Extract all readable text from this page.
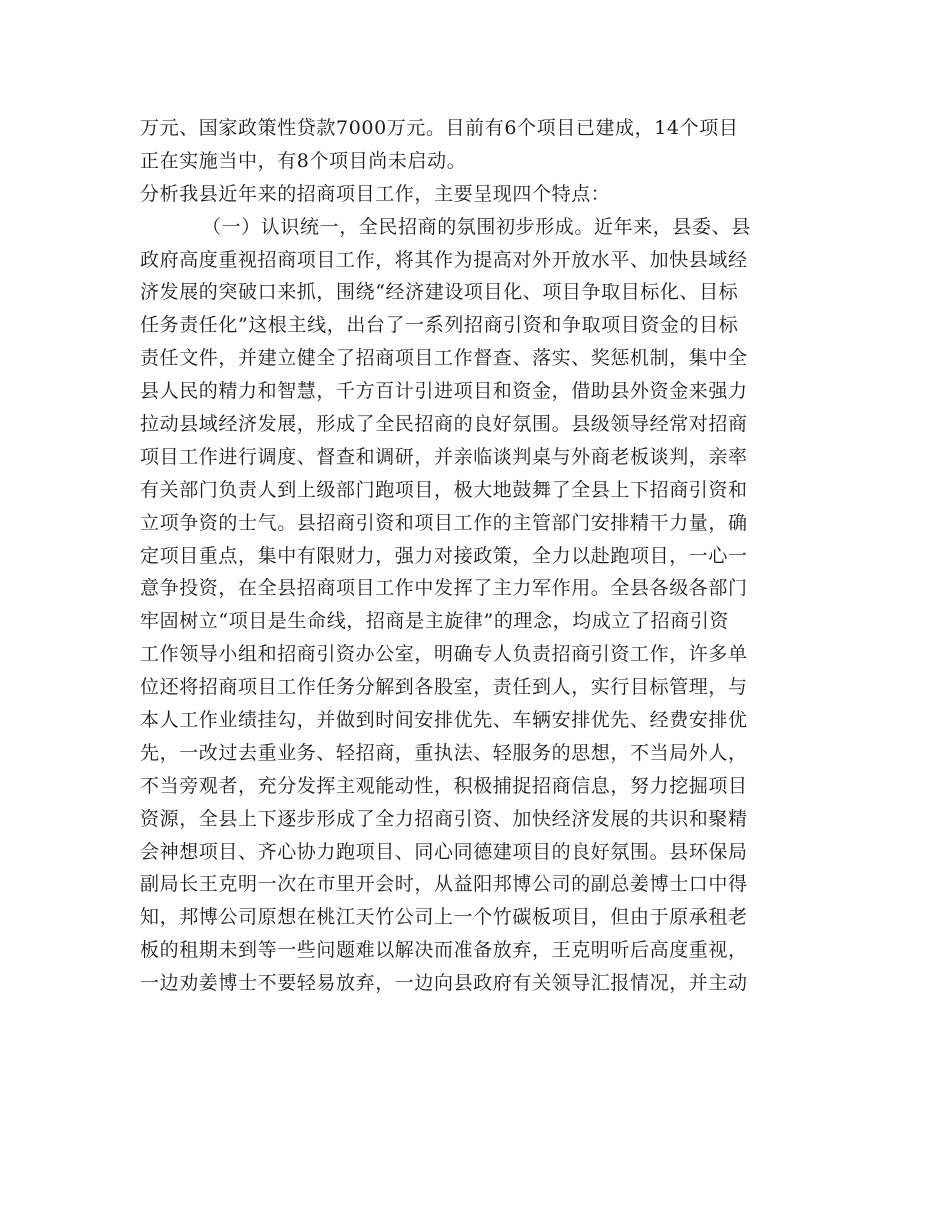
万元、国家政策性贷款7000万元。目前有6个项目已建成，14个项目
正在实施当中，有8个项目尚未启动。
分析我县近年来的招商项目工作，主要呈现四个特点：
（一）认识统一，全民招商的氛围初步形成。近年来，县委、县
政府高度重视招商项目工作，将其作为提高对外开放水平、加快县域经
济发展的突破口来抓，围绕“经济建设项目化、项目争取目标化、目标
任务责任化”这根主线，出台了一系列招商引资和争取项目资金的目标
责任文件，并建立健全了招商项目工作督查、落实、奖惩机制，集中全
县人民的精力和智慧，千方百计引进项目和资金，借助县外资金来强力
拉动县域经济发展，形成了全民招商的良好氛围。县级领导经常对招商
项目工作进行调度、督查和调研，并亲临谈判桌与外商老板谈判，亲率
有关部门负责人到上级部门跑项目，极大地鼓舞了全县上下招商引资和
立项争资的士气。县招商引资和项目工作的主管部门安排精干力量，确
定项目重点，集中有限财力，强力对接政策，全力以赴跑项目，一心一
意争投资，在全县招商项目工作中发挥了主力军作用。全县各级各部门
牢固树立“项目是生命线，招商是主旋律”的理念，均成立了招商引资
工作领导小组和招商引资办公室，明确专人负责招商引资工作，许多单
位还将招商项目工作任务分解到各股室，责任到人，实行目标管理，与
本人工作业绩挂勾，并做到时间安排优先、车辆安排优先、经费安排优
先，一改过去重业务、轻招商，重执法、轻服务的思想，不当局外人，
不当旁观者，充分发挥主观能动性，积极捕捉招商信息，努力挖掘项目
资源，全县上下逐步形成了全力招商引资、加快经济发展的共识和聚精
会神想项目、齐心协力跑项目、同心同德建项目的良好氛围。县环保局
副局长王克明一次在市里开会时，从益阳邦博公司的副总姜博士口中得
知，邦博公司原想在桃江天竹公司上一个竹碳板项目，但由于原承租老
板的租期未到等一些问题难以解决而准备放弃，王克明听后高度重视，
一边劝姜博士不要轻易放弃，一边向县政府有关领导汇报情况，并主动
